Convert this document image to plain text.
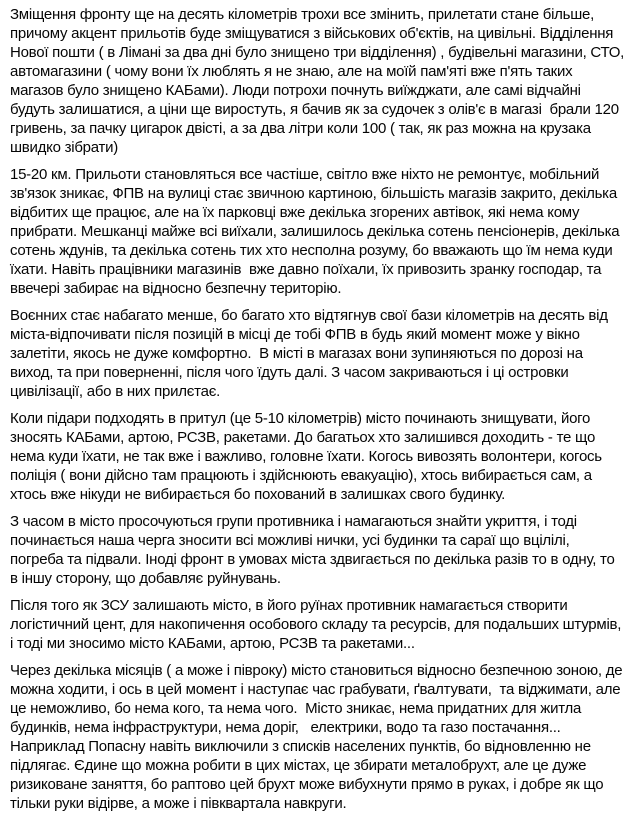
Зміщення фронту ще на десять кілометрів трохи все змінить, прилетати стане більше, причому акцент прильотів буде зміщуватися з військових об'єктів, на цивільні. Відділення Нової пошти ( в Лімані за два дні було знищено три відділення) , будівельні магазини, СТО, автомагазини ( чому вони їх люблять я не знаю, але на моїй пам'яті вже п'ять таких магазов було знищено КАБами). Люди потрохи почнуть виїжджати, але самі відчайні будуть залишатися, а ціни ще виростуть, я бачив як за судочек з олів'є в магазі  брали 120 гривень, за пачку цигарок двісті, а за два літри коли 100 ( так, як раз можна на крузака швидко зібрати)

15-20 км. Прильоти становляться все частіше, світло вже ніхто не ремонтує, мобільний зв'язок зникає, ФПВ на вулиці стає звичною картиною, більшість магазів закрито, декілька відбитих ще працює, але на їх парковці вже декілька згорених автівок, які нема кому прибрати. Мешканці майже всі виїхали, залишилось декілька сотень пенсіонерів, декілька сотень ждунів, та декілька сотень тих хто несполна розуму, бо вважають що їм нема куди їхати. Навіть працівники магазинів  вже давно поїхали, їх привозить зранку господар, та ввечері забирає на відносно безпечну територію.

Воєнних стає набагато менше, бо багато хто відтягнув свої бази кілометрів на десять від міста-відпочивати після позицій в місці де тобі ФПВ в будь який момент може у вікно залетіти, якось не дуже комфортно.  В місті в магазах вони зупиняються по дорозі на виход, та при поверненні, після чого їдуть далі. З часом закриваються і ці островки цивілізації, або в них прилєтає.

Коли підари подходять в притул (це 5-10 кілометрів) місто починають знищувати, його зносять КАБами, артою, РСЗВ, ракетами. До багатьох хто залишився доходить - те що нема куди їхати, не так вже і важливо, головне їхати. Когось вивозять волонтери, когось поліція ( вони дійсно там працюють і здійснюють евакуацію), хтось вибирається сам, а хтось вже нікуди не вибирається бо похований в залишках свого будинку.

З часом в місто просочуються групи противника і намагаються знайти укриття, і тоді починається наша черга зносити всі можливі нички, усі будинки та сараї що вцілілі, погреба та підвали. Іноді фронт в умовах міста здвигається по декілька разів то в одну, то в іншу сторону, що добавляє руйнувань.

Після того як ЗСУ залишають місто, в його руїнах противник намагається створити логістичний цент, для накопичення особового складу та ресурсів, для подальших штурмів, і тоді ми зносимо місто КАБами, артою, РСЗВ та ракетами...

Через декілька місяців ( а може і півроку) місто становиться відносно безпечною зоною, де можна ходити, і ось в цей момент і наступає час грабувати, ґвалтувати,  та віджимати, але це неможливо, бо нема кого, та нема чого.  Місто зникає, нема придатних для житла будинків, нема інфраструктури, нема доріг,   електрики, водо та газо постачання... Наприклад Попасну навіть виключили з списків населених пунктів, бо відновленню не підлягає. Єдине що можна робити в цих містах, це збирати металобрухт, але це дуже ризиковане заняття, бо раптово цей брухт може вибухнути прямо в руках, і добре як що тільки руки відірве, а може і півквартала навкруги.
